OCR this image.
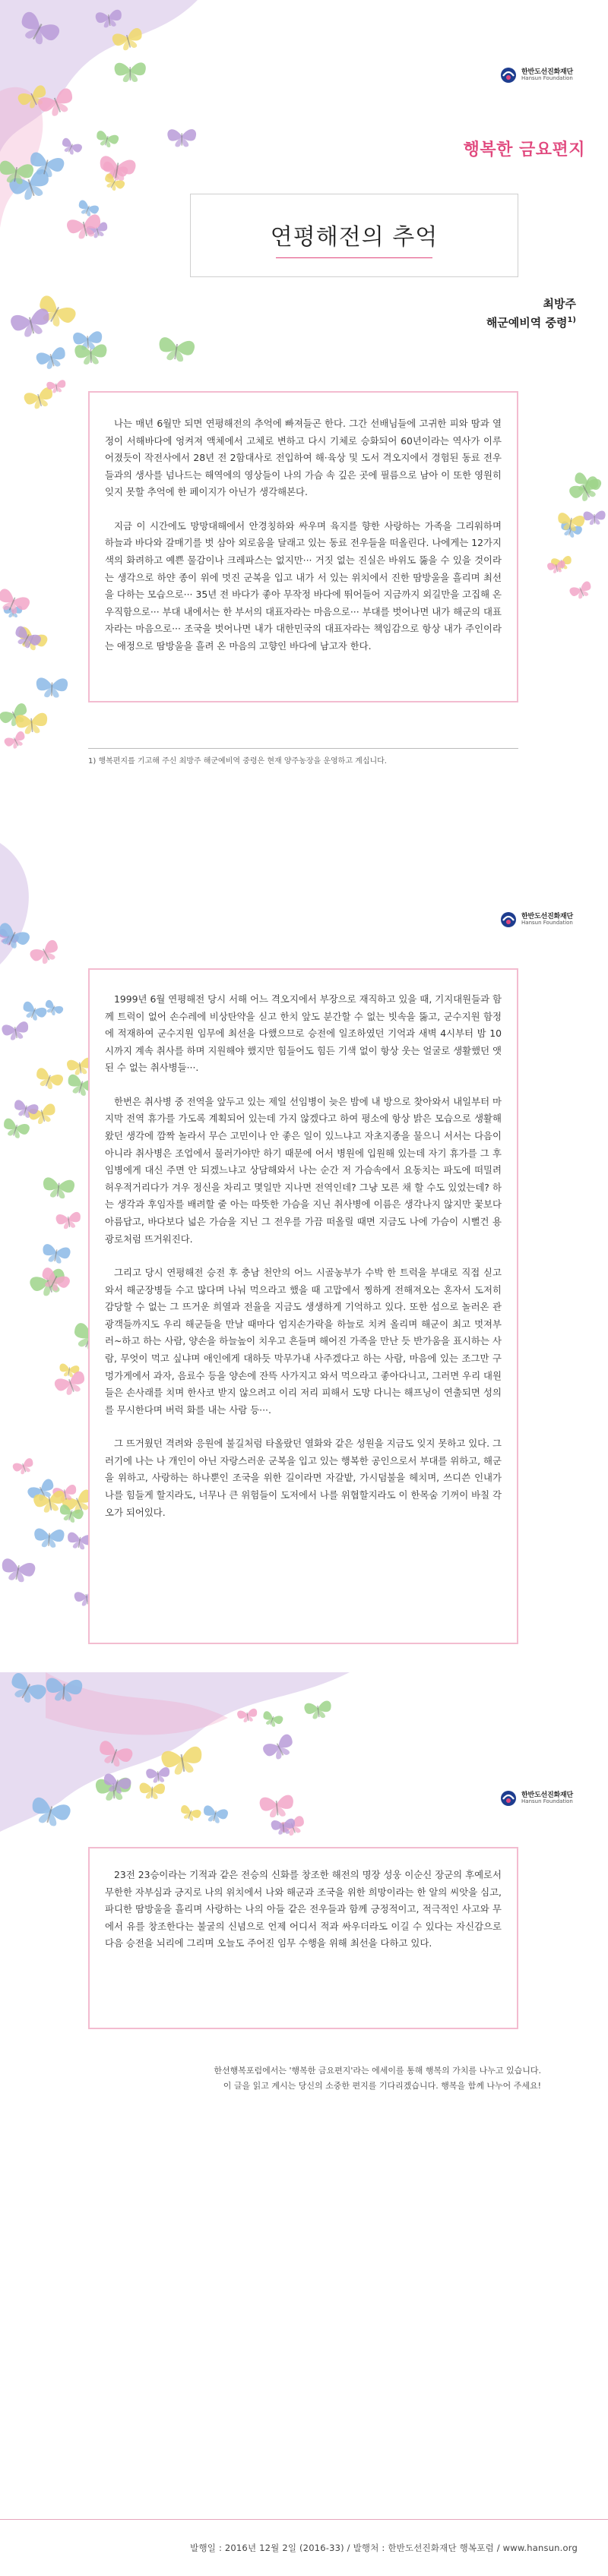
한반도선진화재단
Hansun Foundation
행복한 금요편지
연평해전의 추억
최방주
해군예비역 중령$^{1)}$

나는 매년 6월만 되면 연평해전의 추억에 빠져들곤 한다. 그간 선배님들에 고귀한 피와 땀과 열정이 서해바다에 엉켜져 액체에서 고체로 변하고 다시 기체로 승화되어 60년이라는 역사가 이루어졌듯이 작전사에서 28년 전 2함대사로 전입하여 해·육상 및 도서 격오지에서 경험된 동료 전우들과의 생사를 넘나드는 해역에의 영상들이 나의 가슴 속 깊은 곳에 필름으로 남아 이 또한 영원히 잊지 못할 추억에 한 페이지가 아닌가 생각해본다.

지금 이 시간에도 망망대해에서 안경칭하와 싸우며 육지를 향한 사랑하는 가족을 그리워하며 하늘과 바다와 갈매기를 벗 삼아 외로움을 달래고 있는 동료 전우들을 떠올린다. 나에게는 12가지색의 화려하고 예쁜 물감이나 크레파스는 없지만··· 거짓 없는 진실은 바위도 뚫을 수 있을 것이라는 생각으로 하얀 종이 위에 멋진 군복을 입고 내가 서 있는 위치에서 진한 땀방울을 흘리며 최선을 다하는 모습으로··· 35년 전 바다가 좋아 무작정 바다에 뛰어들어 지금까지 외길만을 고집해 온 우직함으로··· 부대 내에서는 한 부서의 대표자라는 마음으로··· 부대를 벗어나면 내가 해군의 대표자라는 마음으로··· 조국을 벗어나면 내가 대한민국의 대표자라는 책임감으로 항상 내가 주인이라는 애정으로 땀방울을 흘려 온 마음의 고향인 바다에 남고자 한다.

1) 행복편지를 기고해 주신 최방주 해군예비역 중령은 현재 양주농장을 운영하고 계십니다.
한반도선진화재단
Hansun Foundation

1999년 6월 연평해전 당시 서해 어느 격오지에서 부장으로 재직하고 있을 때, 기지대원들과 함께 트럭이 없어 손수레에 비상탄약을 싣고 한치 앞도 분간할 수 없는 빗속을 뚫고, 군수지원 함정에 적재하여 군수지원 임무에 최선을 다했으므로 승전에 일조하였던 기억과 새벽 4시부터 밤 10시까지 계속 취사를 하며 지원해야 했지만 힘들어도 힘든 기색 없이 항상 웃는 얼굴로 생활했던 앳된 수 없는 취사병들···.

한번은 취사병 중 전역을 앞두고 있는 제일 선임병이 늦은 밤에 내 방으로 찾아와서 내일부터 마지막 전역 휴가를 가도록 계획되어 있는데 가지 않겠다고 하여 평소에 항상 밝은 모습으로 생활해왔던 생각에 깜짝 놀라서 무슨 고민이나 안 좋은 일이 있느냐고 자초지종을 물으니 서서는 다음이 아니라 취사병은 조업에서 물러가야만 하기 때문에 어서 병원에 입원해 있는데 자기 휴가를 그 후임병에게 대신 주면 안 되겠느냐고 상담해와서 나는 순간 저 가슴속에서 요동치는 파도에 떠밀려 허우적거리다가 겨우 정신을 차리고 몇일만 지나면 전역인데? 그냥 모른 채 할 수도 있었는데? 하는 생각과 후임자를 배려할 줄 아는 따뜻한 가슴을 지닌 취사병에 이름은 생각나지 않지만 꽃보다 아름답고, 바다보다 넓은 가슴을 지닌 그 전우를 가끔 떠올릴 때면 지금도 나에 가슴이 시뻘건 용광로처럼 뜨거워진다.

그리고 당시 연평해전 승전 후 충남 천안의 어느 시골농부가 수박 한 트럭을 부대로 직접 싣고 와서 해군장병들 수고 많다며 나눠 먹으라고 했을 때 고맙에서 찡하게 전해져오는 혼자서 도저히 감당할 수 없는 그 뜨거운 희열과 전율을 지금도 생생하게 기억하고 있다. 또한 섬으로 놀러온 관광객들까지도 우리 해군들을 만날 때마다 엄지손가락을 하늘로 치켜 올리며 해군이 최고 멋져부러~하고 하는 사람, 양손을 하늘높이 치우고 흔들며 해어진 가족을 만난 듯 반가움을 표시하는 사람, 무엇이 먹고 싶냐며 애인에게 대하듯 막무가내 사주겠다고 하는 사람, 마음에 있는 조그만 구멍가게에서 과자, 음료수 등을 양손에 잔뜩 사가지고 와서 먹으라고 좋아다니고, 그러면 우리 대원들은 손사래를 치며 한사코 받지 않으려고 이리 저리 피해서 도망 다니는 해프닝이 연출되면 성의를 무시한다며 버럭 화를 내는 사람 등···.

그 뜨거웠던 격려와 응원에 불길처럼 타올랐던 열화와 같은 성원을 지금도 잊지 못하고 있다. 그러기에 나는 나 개인이 아닌 자랑스러운 군복을 입고 있는 행복한 공인으로서 부대를 위하고, 해군을 위하고, 사랑하는 하나뿐인 조국을 위한 길이라면 자갈밭, 가시덤불을 헤치며, 쓰디쓴 인내가 나를 힘들게 할지라도, 너무나 큰 위험들이 도저에서 나를 위협할지라도 이 한목숨 기꺼이 바칠 각오가 되어있다.

한반도선진화재단
Hansun Foundation

23전 23승이라는 기적과 같은 전승의 신화를 창조한 해전의 명장 성웅 이순신 장군의 후예로서 무한한 자부심과 긍지로 나의 위치에서 나와 해군과 조국을 위한 희망이라는 한 알의 씨앗을 심고, 파디한 땀방울을 흘리며 사랑하는 나의 아들 같은 전우들과 함께 긍정적이고, 적극적인 사고와 무에서 유를 창조한다는 불굴의 신념으로 언제 어디서 적과 싸우더라도 이길 수 있다는 자신감으로 다음 승전을 뇌리에 그리며 오늘도 주어진 임무 수행을 위해 최선을 다하고 있다.

한선행복포럼에서는 '행복한 금요편지'라는 에세이를 통해 행복의 가치를 나누고 있습니다.
이 글을 읽고 계시는 당신의 소중한 편지를 기다리겠습니다. 행복을 함께 나누어 주세요!
발행일 : 2016년 12월 2일 (2016-33) / 발행처 : 한반도선진화재단 행복포럼 / www.hansun.org
